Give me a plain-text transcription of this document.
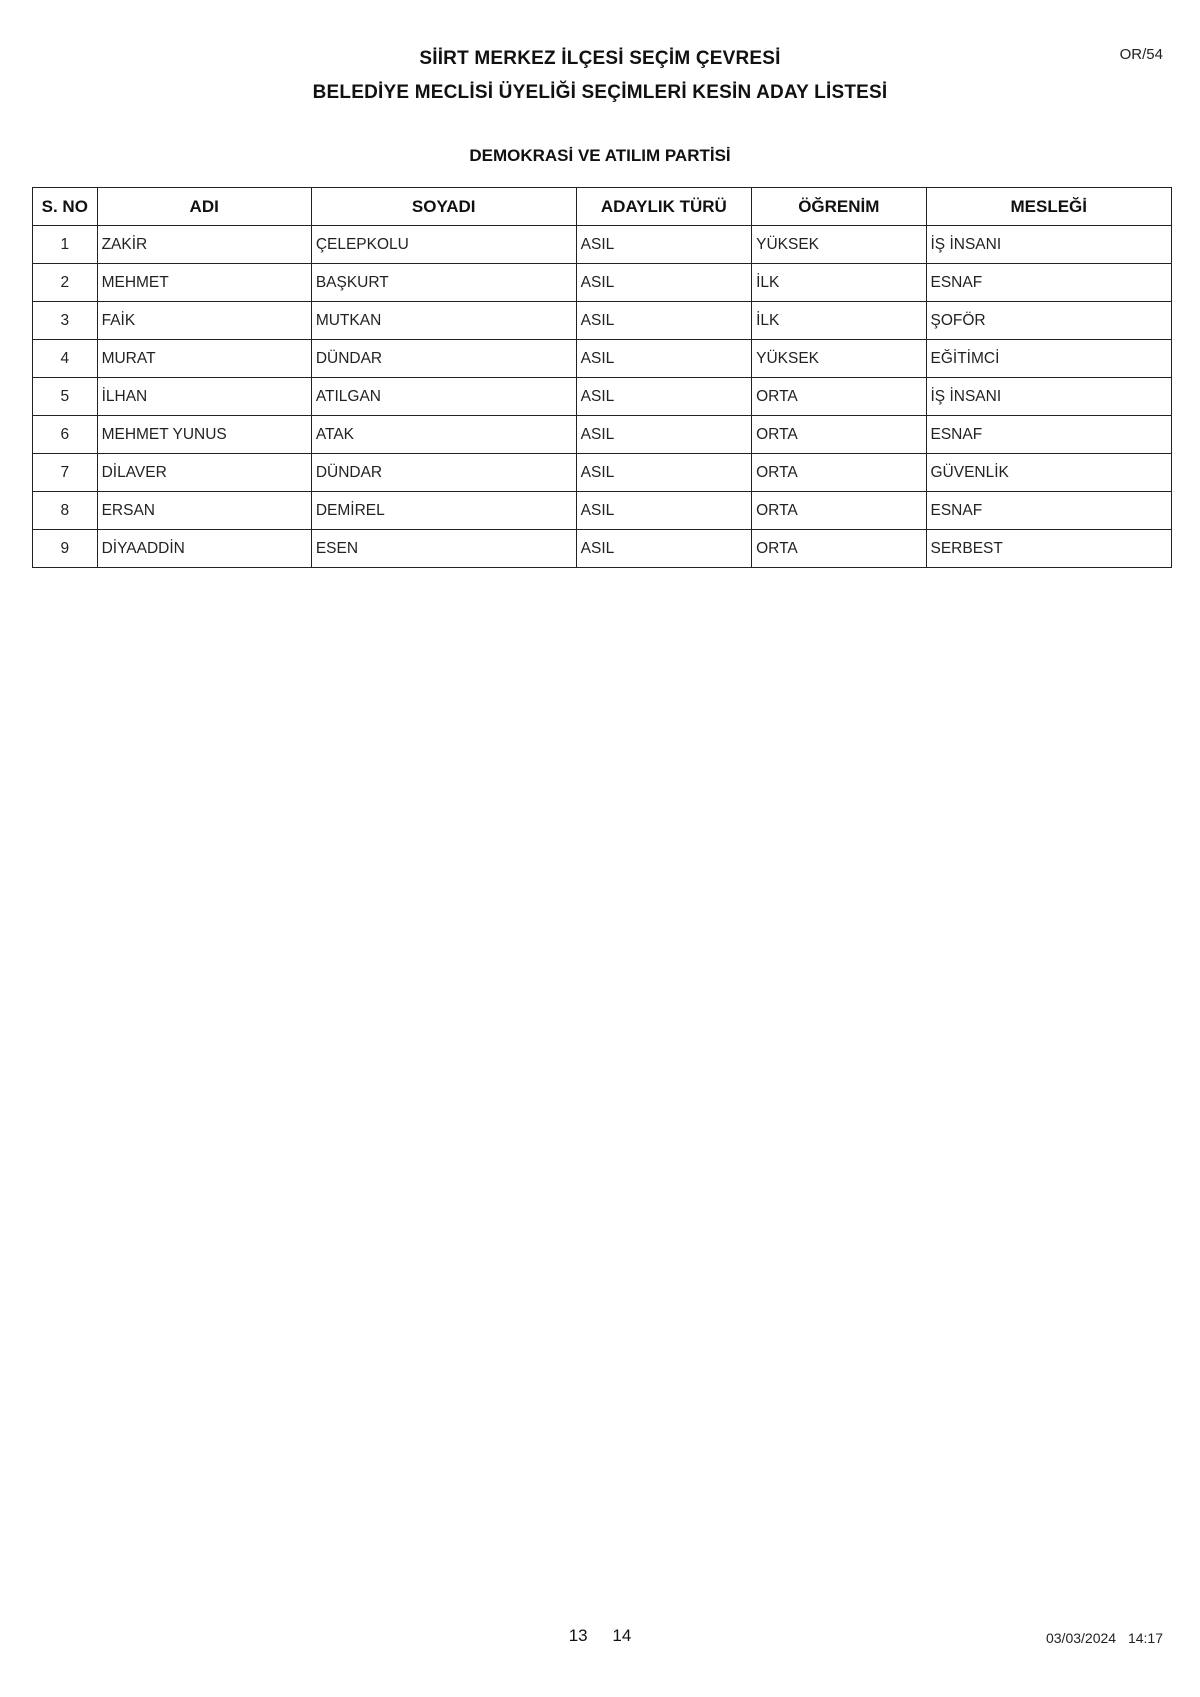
OR/54
SİİRT MERKEZ İLÇESİ SEÇİM ÇEVRESİ
BELEDİYE MECLİSİ ÜYELİĞİ SEÇİMLERİ KESİN ADAY LİSTESİ
DEMOKRASİ VE ATILIM PARTİSİ
S. NO	ADI	SOYADI	ADAYLIK TÜRÜ	ÖĞRENİM	MESLEĞİ
1	ZAKİR	ÇELEPKOLU	ASIL	YÜKSEK	İŞ İNSANI
2	MEHMET	BAŞKURT	ASIL	İLK	ESNAF
3	FAİK	MUTKAN	ASIL	İLK	ŞOFÖR
4	MURAT	DÜNDAR	ASIL	YÜKSEK	EĞİTİMCİ
5	İLHAN	ATILGAN	ASIL	ORTA	İŞ İNSANI
6	MEHMET YUNUS	ATAK	ASIL	ORTA	ESNAF
7	DİLAVER	DÜNDAR	ASIL	ORTA	GÜVENLİK
8	ERSAN	DEMİREL	ASIL	ORTA	ESNAF
9	DİYAADDİN	ESEN	ASIL	ORTA	SERBEST
13 14	03/03/2024 14:17
